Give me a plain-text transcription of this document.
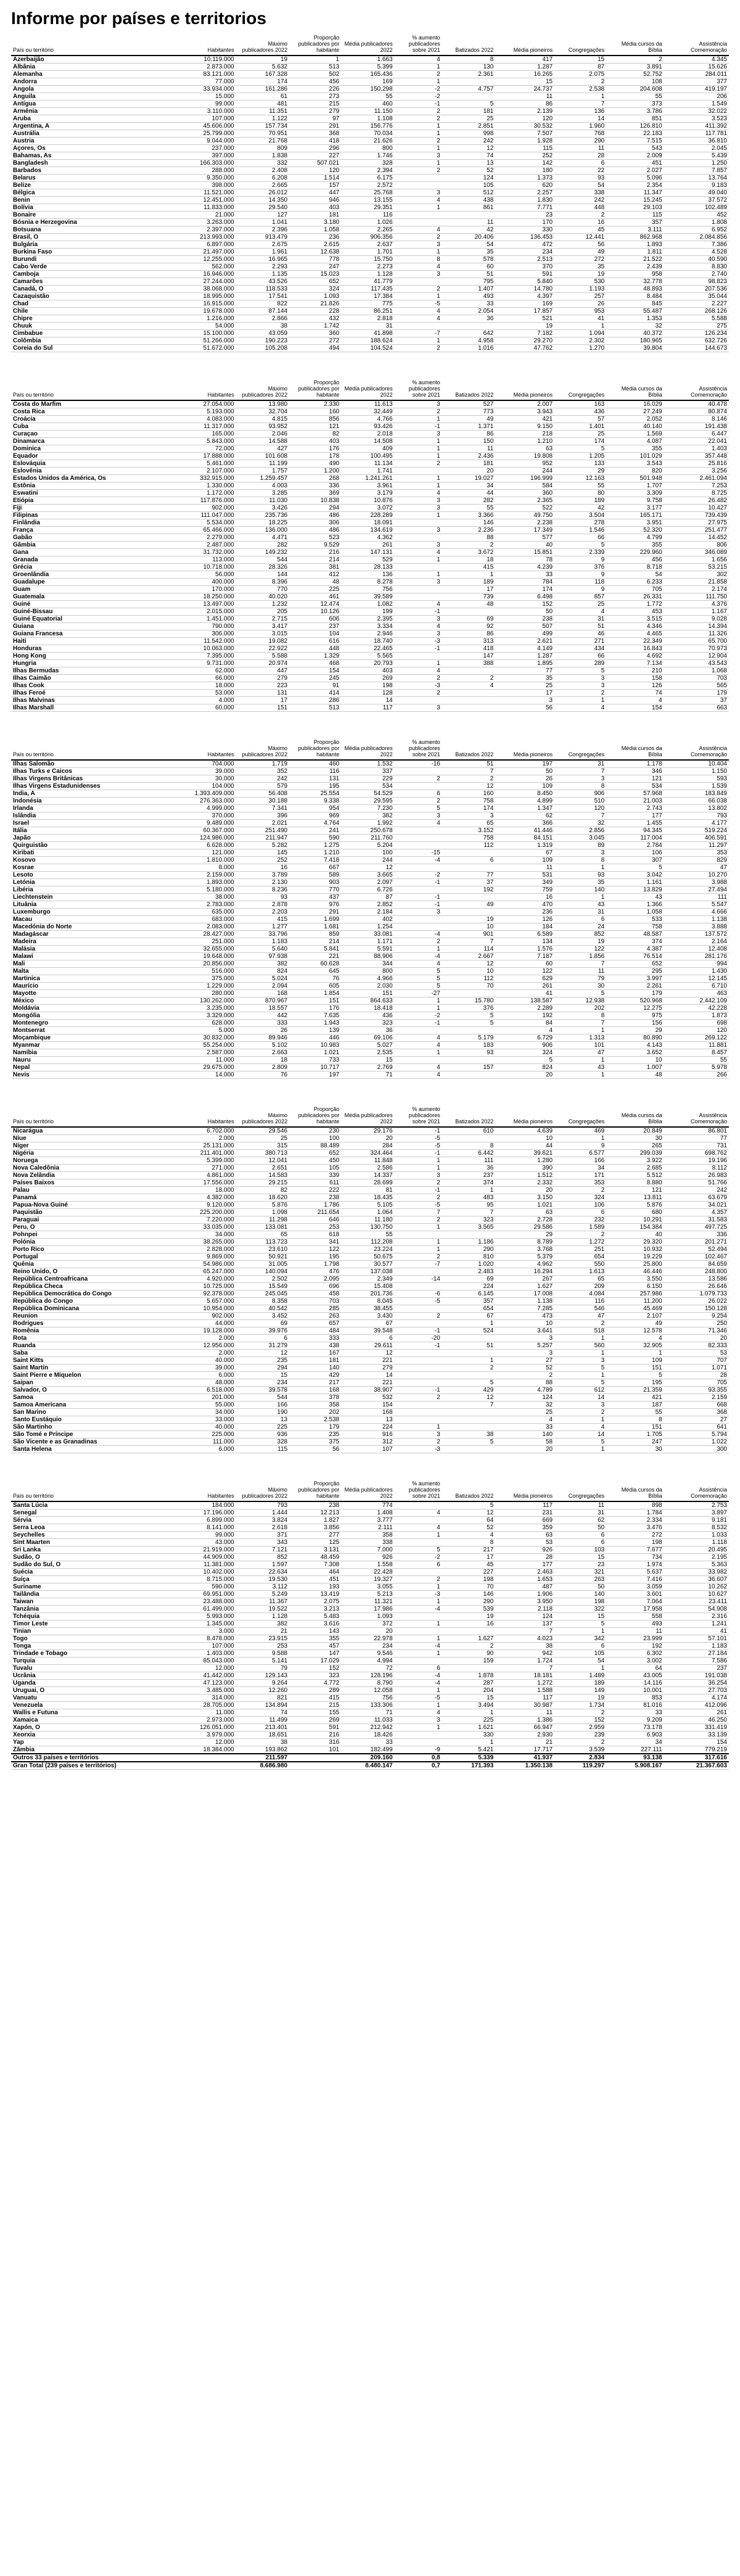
Informe por países e territorios
País ou território	Habitantes	Máximo publicadores 2022	Proporção publicadores por habitante	Média publicadores 2022	% aumento publicadores sobre 2021	Batizados 2022	Média pioneiros	Congregações	Média cursos da Bíblia	Assistência Comemoração
Azerbaijão	10.119.000	19	1	1.663	4	8	417	15	2	4.345
Albânia	2.873.000	5.632	513	5.399	1	130	1.287	87	3.891	15.626
Alemanha	83.121.000	167.328	502	165.436	2	2.361	16.265	2.075	52.752	284.011
Andorra	77.000	174	456	169	1		15	2	108	377
Angola	33.934.000	161.286	226	150.298	-2	4.757	24.737	2.538	204.608	419.197
Anguila	15.000	61	273	55	-2		11	1	55	206
Antígua	99.000	481	215	460	-1	5	86	7	373	1.549
Armênia	3.110.000	11.351	279	11.150	2	181	2.139	136	3.786	32.022
Aruba	107.000	1.122	97	1.108	2	25	120	14	851	3.523
Argentina, A	45.606.000	157.734	291	156.776	1	2.851	30.532	1.960	126.810	411.392
Austrália	25.799.000	70.951	368	70.034	1	998	7.507	768	22.183	117.781
Áustria	9.044.000	21.768	418	21.626	2	242	1.928	290	7.515	36.810
Açores, Os	237.000	809	296	800	1	12	115	11	543	2.045
Bahamas, As	397.000	1.838	227	1.746	3	74	252	28	2.009	5.439
Bangladesh	166.303.000	332	507.021	328	1	13	142	6	451	1.250
Barbados	288.000	2.408	120	2.394	2	52	180	22	2.027	7.857
Belarus	9.350.000	6.208	1.514	6.175		124	1.373	93	5.096	13.764
Belize	398.000	2.665	157	2.572		105	620	54	2.354	9.183
Bélgica	11.521.000	26.012	447	25.768	3	512	2.257	338	11.347	49.040
Benin	12.451.000	14.350	946	13.155	4	438	1.830	242	15.245	37.572
Bolívia	11.833.000	29.540	403	29.351	1	861	7.771	448	29.103	102.489
Bonaire	21.000	127	181	116			23	2	115	452
Bósnia e Herzegovina	3.263.000	1.041	3.180	1.026		11	170	16	357	1.808
Botsuana	2.397.000	2.396	1.058	2.265	4	42	330	45	3.111	6.952
Brasil, O	213.993.000	913.479	236	906.356	2	20.406	136.453	12.441	862.968	2.084.856
Bulgária	6.897.000	2.675	2.615	2.637	3	54	472	56	1.893	7.386
Burkina Faso	21.497.000	1.961	12.638	1.701	1	35	234	49	1.811	4.528
Burundi	12.255.000	16.965	778	15.750	8	578	2.513	272	21.522	40.590
Cabo Verde	562.000	2.293	247	2.273	4	60	370	35	2.439	8.830
Camboja	16.946.000	1.135	15.023	1.128	3	51	591	19	958	2.740
Camarões	27.244.000	43.526	652	41.779		795	5.840	530	32.778	98.823
Canadá, O	38.068.000	118.533	324	117.435	2	1.407	14.780	1.193	48.893	207.536
Cazaquistão	18.995.000	17.541	1.093	17.384	1	493	4.397	257	8.484	35.044
Chad	16.915.000	822	21.826	775	-5	33	169	26	845	2.227
Chile	19.678.000	87.144	228	86.251	4	2.054	17.857	953	55.487	268.126
Chipre	1.216.000	2.866	432	2.818	4	36	521	41	1.353	5.588
Chuuk	54.000	38	1.742	31			19	1	32	275
Cimbabue	15.100.000	43.059	360	41.898	-7	642	7.182	1.094	40.372	126.234
Colômbia	51.266.000	190.223	272	188.624	1	4.958	29.270	2.302	180.965	632.726
Coreia do Sul	51.672.000	105.208	494	104.524	2	1.016	47.762	1.270	39.804	144.673
País ou território	Habitantes	Máximo publicadores 2022	Proporção publicadores por habitante	Média publicadores 2022	% aumento publicadores sobre 2021	Batizados 2022	Média pioneiros	Congregações	Média cursos da Bíblia	Assistência Comemoração
Costa do Marfim	27.054.000	13.980	2.330	11.613	3	527	2.007	163	16.029	40.478
Costa Rica	5.193.000	32.704	160	32.449	2	773	3.943	436	27.249	80.874
Croácia	4.083.000	4.815	856	4.766	1	49	421	57	2.052	8.146
Cuba	11.317.000	93.952	121	93.426	-1	1.371	9.150	1.401	40.140	191.438
Curaçao	165.000	2.046	82	2.018	3	86	218	25	1.569	6.447
Dinamarca	5.843.000	14.588	403	14.508	1	150	1.210	174	4.087	22.041
Dominica	72.000	427	176	409	1	11	63	5	355	1.403
Equador	17.888.000	101.608	178	100.495	1	2.436	19.808	1.205	101.029	357.448
Eslováquia	5.461.000	11.199	490	11.134	2	181	952	133	3.543	25.816
Eslovênia	2.107.000	1.757	1.200	1.741		20	244	29	820	3.256
Estados Unidos da América, Os	332.915.000	1.259.457	268	1.241.261	1	19.027	196.999	12.163	501.948	2.461.094
Estônia	1.330.000	4.003	336	3.961	1	34	584	55	1.707	7.253
Eswatini	1.172.000	3.285	369	3.179	4	44	360	80	3.309	8.725
Etiópia	117.876.000	11.030	10.838	10.876	3	282	2.365	189	9.758	26.482
Fiji	902.000	3.426	294	3.072	3	55	522	42	3.177	10.427
Filipinas	111.047.000	235.736	486	228.289	1	3.366	49.750	3.504	165.171	739.439
Finlândia	5.534.000	18.225	306	18.091		146	2.238	278	3.951	27.975
França	65.466.000	136.000	486	134.619	3	2.236	17.349	1.546	52.320	251.477
Gabão	2.279.000	4.471	523	4.362		88	577	66	4.799	14.452
Gâmbia	2.487.000	282	9.529	261	3	2	40	5	355	806
Gana	31.732.000	149.232	216	147.131	4	3.672	15.851	2.339	229.960	346.089
Granada	113.000	544	214	529	1	18	78	9	456	1.656
Grécia	10.718.000	28.326	381	28.133		415	4.239	376	8.718	53.215
Groenlândia	56.000	144	412	136	1	1	33	9	54	302
Guadalupe	400.000	8.396	48	8.278	3	189	784	118	6.233	21.858
Guam	170.000	770	225	756		17	174	9	705	2.174
Guatemala	18.250.000	40.020	461	39.589		739	6.498	857	26.331	111.750
Guiné	13.497.000	1.232	12.474	1.082	4	48	152	25	1.772	4.376
Guiné-Bissau	2.015.000	205	10.126	199	-1		50	4	453	1.167
Guiné Equatorial	1.451.000	2.715	606	2.395	3	69	238	31	3.515	9.028
Guiana	790.000	3.417	237	3.334	4	92	507	51	4.346	14.394
Guiana Francesa	306.000	3.015	104	2.946	3	86	499	46	4.465	11.326
Haiti	11.542.000	19.082	616	18.740	-3	313	2.621	271	22.349	65.700
Honduras	10.063.000	22.922	448	22.465	-1	418	4.149	434	16.843	70.973
Hong Kong	7.395.000	5.588	1.329	5.565		147	1.287	66	4.692	12.904
Hungria	9.731.000	20.974	468	20.793	1	388	1.895	289	7.134	43.543
Ilhas Bermudas	62.000	447	154	403	4		77	5	210	1.068
Ilhas Caimão	66.000	279	245	269	2	2	35	3	158	703
Ilhas Cook	18.000	223	91	198	-3	4	25	3	126	565
Ilhas Feroé	53.000	131	414	128	2		17	2	74	179
Ilhas Malvinas	4.000	17	286	14			3	1	4	37
Ilhas Marshall	60.000	151	513	117	3		56	4	154	663
País ou território	Habitantes	Máximo publicadores 2022	Proporção publicadores por habitante	Média publicadores 2022	% aumento publicadores sobre 2021	Batizados 2022	Média pioneiros	Congregações	Média cursos da Bíblia	Assistência Comemoração
Ilhas Salomão	704.000	1.719	460	1.532	-16	51	197	31	1.178	10.404
Ilhas Turks e Caicos	39.000	352	116	337		7	50	7	346	1.150
Ilhas Virgens Britânicas	30.000	242	131	229	2	2	26	3	121	593
Ilhas Virgens Estadunidenses	104.000	579	195	534		12	109	8	534	1.539
Índia, A	1.393.409.000	56.408	25.554	54.529	6	160	8.450	906	57.968	183.849
Indonésia	276.363.000	30.188	9.338	29.595	2	758	4.899	510	21.003	66.038
Irlanda	4.999.000	7.341	954	7.230	5	174	1.347	120	2.743	13.802
Islândia	370.000	396	969	382	3	3	62	7	177	793
Israel	9.489.000	2.021	4.764	1.992	4	65	366	32	1.455	4.177
Itália	60.367.000	251.490	241	250.678		3.152	41.446	2.856	94.345	519.224
Japão	124.986.000	211.947	590	211.760		758	84.151	3.045	117.004	406.591
Quirguistão	6.628.000	5.282	1.275	5.204		112	1.319	89	2.784	11.297
Kiribati	121.000	145	1.210	100	-15		67	3	106	353
Kosovo	1.810.000	252	7.418	244	-4	6	109	8	307	829
Kosrae	8.000	16	667	12			11	1	5	47
Lesoto	2.159.000	3.789	589	3.665	-2	77	531	93	3.042	10.270
Letónia	1.893.000	2.130	903	2.097	-1	37	349	35	1.161	3.988
Libéria	5.180.000	8.236	770	6.726		192	759	140	13.829	27.494
Liechtenstein	38.000	93	437	87	-1		16	1	43	111
Lituânia	2.783.000	2.878	976	2.852	-1	49	470	43	1.366	5.547
Luxemburgo	635.000	2.203	291	2.184	3		236	31	1.058	4.666
Macau	683.000	415	1.699	402		19	126	6	533	1.138
Macedónia do Norte	2.083.000	1.277	1.681	1.254		10	184	24	758	3.888
Madagáscar	28.427.000	33.796	859	33.081	-4	901	6.589	852	48.587	137.572
Madeira	251.000	1.183	214	1.171	2	7	134	19	374	2.164
Malásia	32.655.000	5.640	5.841	5.591	1	114	1.576	122	4.387	12.408
Malawi	19.648.000	97.938	221	88.906	-4	2.667	7.187	1.856	76.514	281.176
Mali	20.856.000	382	60.628	344	4	12	60	7	652	994
Malta	516.000	824	645	800	5	10	122	11	295	1.430
Martinica	375.000	5.024	76	4.966	5	112	629	79	3.997	12.145
Maurício	1.229.000	2.094	605	2.030	5	70	261	30	2.261	6.710
Mayotte	280.000	168	1.854	151	-27		41	5	179	463
México	130.262.000	870.967	151	864.633	1	15.780	138.587	12.938	520.968	2.442.109
Moldávia	3.235.000	18.557	176	18.418	1	376	2.289	202	12.275	42.228
Mongólia	3.329.000	442	7.635	436	-2	5	192	8	975	1.873
Montenegro	628.000	333	1.943	323	-1	5	84	7	156	698
Montserrat	5.000	26	139	36			4	1	29	120
Moçambique	30.832.000	89.946	446	69.106	4	5.179	6.729	1.313	80.890	269.122
Myanmar	55.254.000	5.102	10.983	5.027	4	183	906	101	4.143	11.881
Namíbia	2.587.000	2.663	1.021	2.535	1	93	324	47	3.652	8.457
Nauru	11.000	18	733	15			5	1	10	55
Nepal	29.675.000	2.809	10.717	2.769	4	157	824	43	1.007	5.978
Nevis	14.000	76	197	71	4		20	1	48	266
País ou território	Habitantes	Máximo publicadores 2022	Proporção publicadores por habitante	Média publicadores 2022	% aumento publicadores sobre 2021	Batizados 2022	Média pioneiros	Congregações	Média cursos da Bíblia	Assistência Comemoração
Nicarágua	6.702.000	29.546	230	29.176	-1	610	4.639	469	20.849	86.801
Niue	2.000	25	100	20	-5		10	1	30	77
Níger	25.131.000	315	88.489	284	-5	8	44	9	265	731
Nigéria	211.401.000	380.713	652	324.464	-1	6.442	39.621	6.577	299.039	698.762
Noruega	5.399.000	12.041	450	11.848	1	111	1.280	166	3.922	19.196
Nova Caledônia	271.000	2.651	105	2.586	1	36	390	34	2.685	8.112
Nova Zelândia	4.861.000	14.583	339	14.337	3	237	1.512	171	5.512	26.983
Países Baixos	17.556.000	29.215	611	28.699	2	374	2.332	353	8.880	51.766
Palau	18.000	82	222	81	-1	1	20	2	121	242
Panamá	4.382.000	18.620	238	18.435	2	483	3.150	324	13.811	63.679
Papua-Nova Guiné	9.120.000	5.876	1.786	5.105	-5	95	1.021	106	5.876	34.021
Paquistão	225.200.000	1.098	211.654	1.064	7	7	63	6	680	4.357
Paraguai	7.220.000	11.298	646	11.180	2	323	2.728	232	10.291	31.583
Peru, O	33.035.000	133.081	253	130.750	1	3.565	29.586	1.589	154.384	497.725
Pohnpei	34.000	65	618	55			29	2	40	336
Polónia	38.265.000	113.723	341	112.208	1	1.186	8.789	1.272	29.320	201.271
Porto Rico	2.828.000	23.610	122	23.224	1	290	3.768	251	10.932	52.494
Portugal	9.869.000	50.921	195	50.675	2	810	5.379	654	19.229	102.467
Quênia	54.986.000	31.005	1.798	30.577	-7	1.020	4.962	550	25.800	84.659
Reino Unido, O	65.247.000	140.094	476	137.038		2.483	16.294	1.613	46.446	248.800
República Centroafricana	4.920.000	2.502	2.095	2.349	-14	69	267	65	3.550	13.586
República Checa	10.725.000	15.549	696	15.408		224	1.627	209	6.150	26.646
República Democrática do Congo	92.378.000	245.045	458	201.736	-6	6.145	17.008	4.084	257.986	1.079.733
República do Congo	5.657.000	8.358	703	8.045	-5	357	1.138	116	11.200	26.022
República Dominicana	10.954.000	40.542	285	38.455		654	7.285	546	45.469	150.128
Reunion	902.000	3.452	263	3.430	2	67	473	47	2.107	9.254
Rodrigues	44.000	69	657	67		1	10	2	49	250
Romênia	19.128.000	39.976	484	39.548	-1	524	3.641	518	12.578	71.346
Rota	2.000	6	333	6	-20		3	1	4	20
Ruanda	12.956.000	31.279	438	29.611	-1	51	5.257	560	32.905	82.333
Saba	2.000	12	167	12			3	1	1	53
Saint Kitts	40.000	235	181	221		1	27	3	109	707
Saint Martin	39.000	294	140	279		2	52	5	151	1.071
Saint Pierre e Miquelon	6.000	15	429	14			2	1	5	28
Saipan	48.000	234	217	221		5	88	5	195	705
Salvador, O	6.518.000	39.578	168	38.907	-1	429	4.789	612	21.359	93.355
Samoa	201.000	544	378	532	2	12	124	14	421	2.159
Samoa Americana	55.000	166	358	154		7	32	3	187	668
San Marino	34.000	190	202	168			25	2	55	368
Santo Eustáquio	33.000	13	2.538	13			4	1	8	27
São Martinho	40.000	225	179	224	1		33	4	151	641
São Tomé e Príncipe	225.000	936	235	916	3	38	140	14	1.705	5.794
São Vicente e as Granadinas	111.000	328	375	312	2	5	58	5	247	1.022
Santa Helena	6.000	115	56	107	-3		20	1	30	300
País ou território	Habitantes	Máximo publicadores 2022	Proporção publicadores por habitante	Média publicadores 2022	% aumento publicadores sobre 2021	Batizados 2022	Média pioneiros	Congregações	Média cursos da Bíblia	Assistência Comemoração
Santa Lúcia	184.000	793	238	774		5	117	11	898	2.753
Senegal	17.196.000	1.444	12.213	1.408	4	12	231	31	1.784	3.897
Sérvia	6.899.000	3.824	1.827	3.777		64	669	62	2.334	9.181
Serra Leoa	8.141.000	2.618	3.856	2.111	4	52	359	50	3.476	8.532
Seychelles	99.000	371	277	358	1	4	63	6	272	1.033
Sint Maarten	43.000	343	125	338		8	53	6	198	1.118
Sri Lanka	21.919.000	7.121	3.131	7.000	5	217	926	103	7.677	20.495
Sudão, O	44.909.000	852	48.459	926	-2	17	28	15	734	2.195
Sudão do Sul, O	11.381.000	1.597	7.308	1.558	6	45	177	23	1.974	5.363
Suécia	10.402.000	22.634	464	22.428		227	2.463	321	5.637	33.982
Suíça	8.715.000	19.530	451	19.327	2	198	1.653	263	7.416	36.607
Suriname	590.000	3.112	193	3.055	1	70	487	50	3.059	10.262
Tailândia	69.951.000	5.249	13.419	5.213	-3	146	1.906	140	3.601	10.627
Taiwan	23.488.000	11.367	2.075	11.321	1	290	3.950	198	7.064	23.411
Tanzânia	61.499.000	19.522	3.213	17.986	-4	539	2.118	322	17.958	54.908
Tchéquia	5.993.000	1.128	5.483	1.093		19	124	15	558	2.316
Timor Leste	1.345.000	382	3.616	372	1	16	137	5	493	1.241
Tinian	3.000	21	143	20			7	1	11	41
Togo	8.478.000	23.915	355	22.978	1	1.627	4.023	342	23.999	57.101
Tonga	107.000	253	457	234	-4	2	38	6	192	1.183
Trindade e Tobago	1.403.000	9.588	147	9.546	1	90	942	105	6.302	27.184
Turquia	85.043.000	5.141	17.029	4.994		159	1.724	54	3.002	7.586
Tuvalu	12.000	79	152	72	6		7	1	64	237
Ucrânia	41.442.000	129.143	323	128.196	-4	1.878	18.181	1.489	43.005	191.038
Uganda	47.123.000	9.264	4.772	8.790	-4	287	1.272	189	14.116	36.254
Uruguai, O	3.485.000	12.260	289	12.058	1	204	1.588	149	10.001	27.703
Vanuatu	314.000	821	415	756	-5	15	117	19	853	4.174
Venezuela	28.705.000	134.894	215	133.306	1	3.494	30.987	1.734	81.016	412.096
Wallis e Futuna	11.000	74	155	71	4	1	11	2	33	261
Xamaica	2.973.000	11.499	269	11.033	3	225	1.386	152	9.209	46.250
Xapón, O	126.051.000	213.401	591	212.942	1	1.621	66.947	2.959	73.178	331.419
Xeorxia	3.979.000	18.651	216	18.426		330	2.930	239	6.903	33.139
Yap	12.000	38	316	33		1	21	2	34	154
Zâmbia	18.384.000	193.862	101	182.499	-9	5.421	17.717	3.539	227.111	779.219
Outros 33 países e territórios		211.597		209.160	0,8	5.339	41.937	2.834	93.138	317.616
Gran Total (239 países e territórios)		8.686.980		8.480.147	0,7	171.393	1.350.138	119.297	5.908.167	21.367.603
